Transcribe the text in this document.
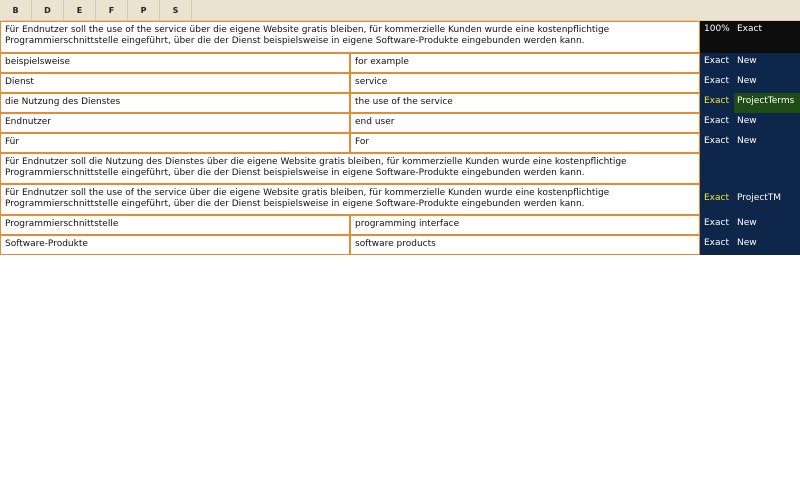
B	D	E	F	P	S
Für Endnutzer soll the use of the service über die eigene Website gratis bleiben, für kommerzielle Kunden wurde eine kostenpflichtige Programmierschnittstelle eingeführt, über die der Dienst beispielsweise in eigene Software-Produkte eingebunden werden kann.
100% Exact
beispielsweise	for example	Exact New
Dienst	service	Exact New
die Nutzung des Dienstes	the use of the service	Exact ProjectTerms
Endnutzer	end user	Exact New
Für	For	Exact New
Für Endnutzer soll die Nutzung des Dienstes über die eigene Website gratis bleiben, für kommerzielle Kunden wurde eine kostenpflichtige Programmierschnittstelle eingeführt, über die der Dienst beispielsweise in eigene Software-Produkte eingebunden werden kann.
Für Endnutzer soll the use of the service über die eigene Website gratis bleiben, für kommerzielle Kunden wurde eine kostenpflichtige Programmierschnittstelle eingeführt, über die der Dienst beispielsweise in eigene Software-Produkte eingebunden werden kann.
Exact ProjectTM
Programmierschnittstelle	programming interface	Exact New
Software-Produkte	software products	Exact New
